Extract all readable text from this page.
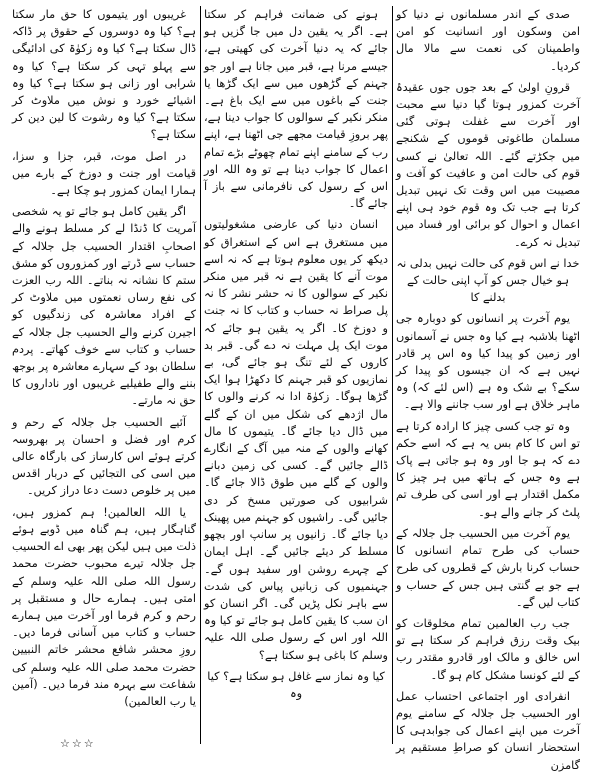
صدی کے اندر مسلمانوں نے دنیا کو امن وسکون اور انسانیت کو امن واطمینان کی نعمت سے مالا مال کردیا۔

قرونِ اولیٰ کے بعد جوں جوں عقیدۂ آخرت کمزور ہوتا گیا دنیا سے محبت اور آخرت سے غفلت ہوتی گئی مسلمان طاغوتی قوموں کے شکنجے میں جکڑتے گئے۔ اللہ تعالیٰ نے کسی قوم کی حالت امن و عافیت کو آفت و مصیبت میں اس وقت تک نہیں تبدیل کرتا ہے جب تک وہ قوم خود ہی اپنے اعمال و احوال کو برائی اور فساد میں تبدیل نہ کرے۔

خدا نے اس قوم کی حالت نہیں بدلی نہ ہو خیال جس کو آپ اپنی حالت کے بدلنے کا

یوم آخرت پر انسانوں کو دوبارہ جی اٹھنا بلاشبہ ہے کیا وہ جس نے آسمانوں اور زمین کو پیدا کیا وہ اس پر قادر نہیں ہے کہ ان جیسوں کو پیدا کر سکے؟ بے شک وہ ہے (اس لئے کہ) وہ ماہر خلاق ہے اور سب جاننے والا ہے۔

وہ تو جب کسی چیز کا ارادہ کرتا ہے تو اس کا کام بس یہ ہے کہ اسے حکم دے کہ ہو جا اور وہ ہو جاتی ہے پاک ہے وہ جس کے ہاتھ میں ہر چیز کا مکمل اقتدار ہے اور اسی کی طرف تم پلٹ کر جانے والے ہو۔

یوم آخرت میں الحسیب جل جلالہ کے حساب کی طرح تمام انسانوں کا حساب کرنا بارش کے قطروں کی طرح ہے جو بے گنتی ہیں جس کے حساب و کتاب لیں گے۔

جب رب العالمین تمام مخلوقات کو بیک وقت رزق فراہم کر سکتا ہے تو اس خالق و مالک اور قادرو مقتدر رب کے لئے کونسا مشکل کام ہو گا۔

انفرادی اور اجتماعی احتساب عمل اور الحسیب جل جلالہ کے سامنے یوم آخرت میں اپنے اعمال کی جوابدہی کا استحضار انسان کو صراطِ مستقیم پر گامزن

ہونے کی ضمانت فراہم کر سکتا ہے۔ اگر یہ یقین دل میں جا گزیں ہو جائے کہ یہ دنیا آخرت کی کھیتی ہے، جیسے مرنا ہے، قبر میں جانا ہے اور جو جہنم کے گڑھوں میں سے ایک گڑھا یا جنت کے باغوں میں سے ایک باغ ہے۔ منکر نکیر کے سوالوں کا جواب دینا ہے، پھر بروزِ قیامت مجھے جی اٹھنا ہے، اپنے رب کے سامنے اپنے تمام چھوٹے بڑے تمام اعمال کا جواب دینا ہے تو وہ اللہ اور اس کے رسول کی نافرمانی سے باز آ جائے گا۔

انسان دنیا کی عارضی مشغولیتوں میں مستغرق ہے اس کے استغراق کو دیکھ کر یوں معلوم ہوتا ہے کہ نہ اسے موت آنے کا یقین ہے نہ قبر میں منکر نکیر کے سوالوں کا نہ حشر نشر کا نہ پل صراط نہ حساب و کتاب کا نہ جنت و دوزخ کا۔ اگر یہ یقین ہو جائے کہ موت ایک پل مہلت نہ دے گی۔ قبر بد کاروں کے لئے تنگ ہو جائے گی، بے نمازیوں کو قبر جہنم کا دکھڑا ہوا ایک گڑھا ہوگا۔ زکوٰۃ ادا نہ کرنے والوں کا مال اژدھے کی شکل میں ان کے گلے میں ڈال دیا جائے گا۔ یتیموں کا مال کھانے والوں کے منہ میں آگ کے انگارے ڈالے جائیں گے۔ کسی کی زمین دبانے والوں کے گلے میں طوق ڈالا جائے گا۔ شرابیوں کی صورتیں مسخ کر دی جائیں گی۔ راشیوں کو جہنم میں پھینک دیا جائے گا۔ زانیوں پر سانپ اور بچھو مسلط کر دیئے جائیں گے۔ اہل ایمان کے چہرے روشن اور سفید ہوں گے۔ جہنمیوں کی زبانیں پیاس کی شدت سے باہر نکل پڑیں گی۔ اگر انسان کو ان سب کا یقین کامل ہو جائے تو کیا وہ اللہ اور اس کے رسول صلی اللہ علیہ وسلم کا باغی ہو سکتا ہے؟

کیا وہ نماز سے غافل ہو سکتا ہے؟ کیا وہ

غریبوں اور یتیموں کا حق مار سکتا ہے؟ کیا وہ دوسروں کے حقوق پر ڈاکہ ڈال سکتا ہے؟ کیا وہ زکوٰۃ کی ادائیگی سے پہلو تہی کر سکتا ہے؟ کیا وہ شرابی اور زانی ہو سکتا ہے؟ کیا وہ اشیائے خورد و نوش میں ملاوٹ کر سکتا ہے؟ کیا وہ رشوت کا لین دین کر سکتا ہے؟

در اصل موت، قبر، جزا و سزا، قیامت اور جنت و دوزخ کے بارے میں ہمارا ایمان کمزور ہو چکا ہے۔

اگر یقین کامل ہو جائے تو یہ شخصی آمریت کا ڈنڈا لے کر مسلط ہونے والے اصحابِ اقتدار الحسیب جل جلالہ کے حساب سے ڈرتے اور کمزوروں کو مشق ستم کا نشانہ نہ بناتے۔ اللہ رب العزت کی نفع رساں نعمتوں میں ملاوٹ کر کے افراد معاشرہ کی زندگیوں کو اجیرن کرنے والے الحسیب جل جلالہ کے حساب و کتاب سے خوف کھاتے۔ پردم سلطان بود کے سہارے معاشرہ پر بوجھ بننے والے طفیلیے غریبوں اور ناداروں کا حق نہ مارتے۔

آئیے الحسیب جل جلالہ کے رحم و کرم اور فضل و احسان پر بھروسہ کرتے ہوئے اس کارساز کی بارگاہ عالی میں اسی کی التجائیں کے دربار اقدس میں پر خلوص دست دعا دراز کریں۔

یا اللہ العالمین! ہم کمزور ہیں، گناہگار ہیں، ہم گناہ میں ڈوبے ہوئے ذلت میں ہیں لیکن پھر بھی اے الحسیب جل جلالہ تیرے محبوب حضرت محمد رسول اللہ صلی اللہ علیہ وسلم کے امتی ہیں۔ ہمارے حال و مستقبل پر رحم و کرم فرما اور آخرت میں ہمارے حساب و کتاب میں آسانی فرما دیں۔ روزِ محشر شافع محشر خاتم النبیین حضرت محمد صلی اللہ علیہ وسلم کی شفاعت سے بہرہ مند فرما دیں۔ (آمین یا رب العالمین)

☆☆☆
